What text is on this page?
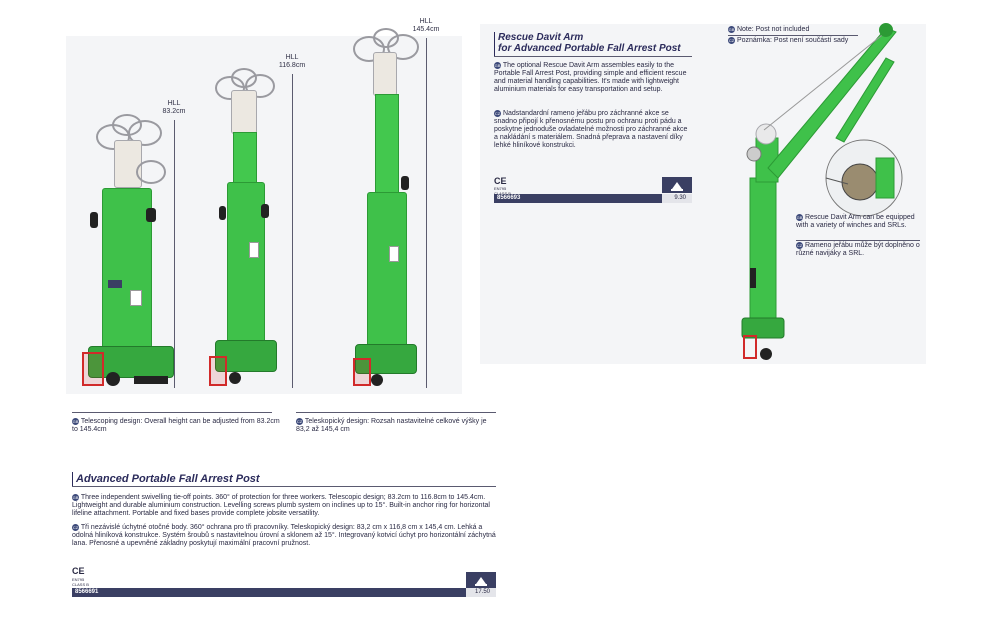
HLL
83.2cm
HLL
116.8cm
HLL
145.4cm
GB Telescoping design: Overall height can be adjusted from 83.2cm to 145.4cm
CZ Teleskopický design: Rozsah nastavitelné celkové výšky je 83,2 až 145,4 cm
Advanced Portable Fall Arrest Post
GB Three independent swivelling tie-off points. 360° of protection for three workers. Telescopic design; 83.2cm to 116.8cm to 145.4cm. Lightweight and durable aluminium construction. Levelling screws plumb system on inclines up to 15°. Built-in anchor ring for horizontal lifeline attachment. Portable and fixed bases provide complete jobsite versatility.
CZ Tři nezávislé úchytné otočné body. 360° ochrana pro tři pracovníky. Teleskopický design: 83,2 cm x 116,8 cm x 145,4 cm. Lehká a odolná hliníková konstrukce. Systém šroubů s nastavitelnou úrovní a sklonem až 15°. Integrovaný kotvicí úchyt pro horizontální záchytná lana. Přenosné a upevněné základny poskytují maximální pracovní pružnost.
CE
EN795
CLASS B
8566691	17.50
Rescue Davit Arm
for Advanced Portable Fall Arrest Post
GB The optional Rescue Davit Arm assembles easily to the Portable Fall Arrest Post, providing simple and efficient rescue and material handling capabilities. It's made with lightweight aluminium materials for easy transportation and setup.
CZ Nadstandardní rameno jeřábu pro záchranné akce se snadno připojí k přenosnému postu pro ochranu proti pádu a poskytne jednoduše ovladatelné možnosti pro záchranné akce a nakládání s materiálem. Snadná přeprava a nastavení díky lehké hliníkové konstrukci.
CE
EN795
8566693	9.30
GB Note: Post not included
CZ Poznámka: Post není součástí sady
GB Rescue Davit Arm can be equipped with a variety of winches and SRLs.
CZ Rameno jeřábu může být doplněno o různé navijáky a SRL.
